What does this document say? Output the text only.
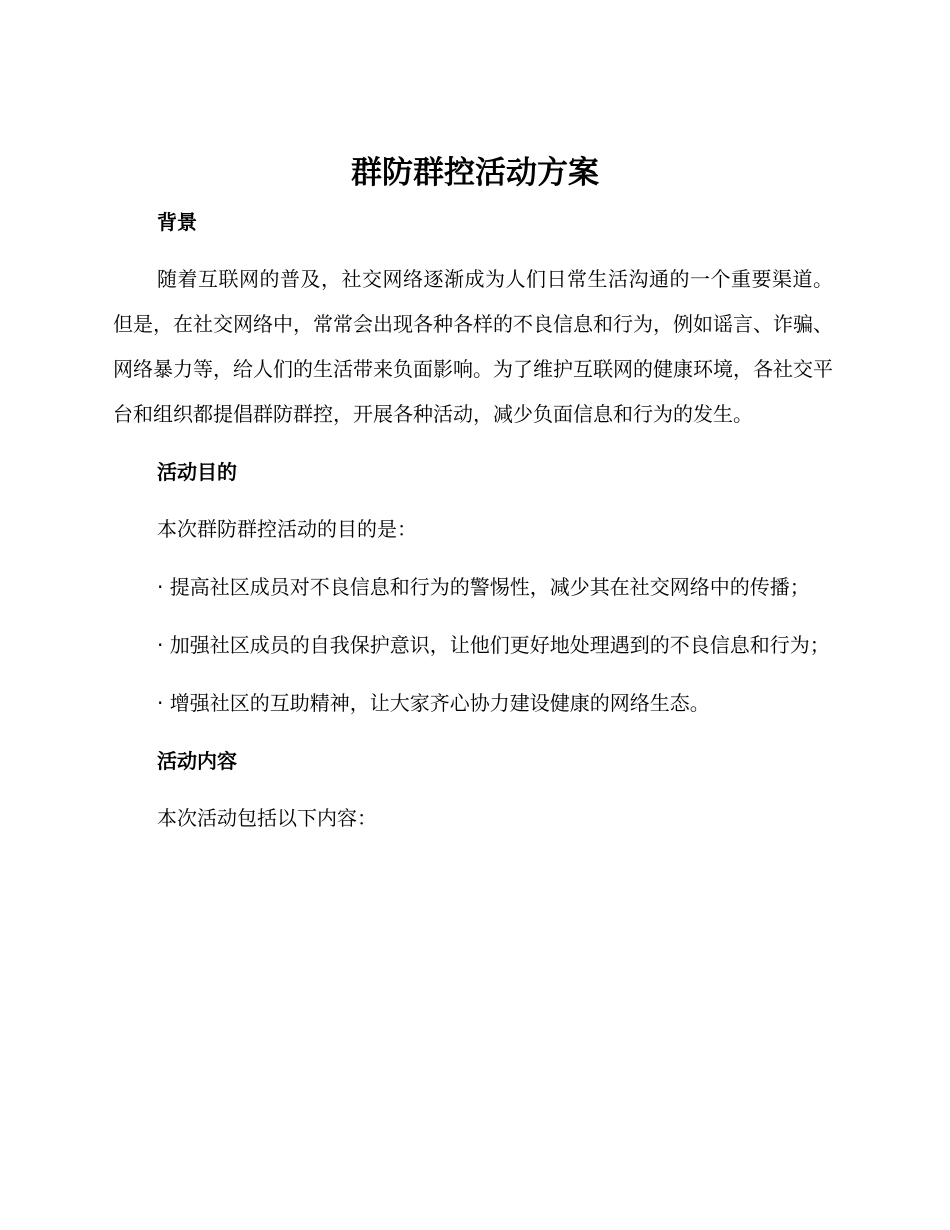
群防群控活动方案

背景

随着互联网的普及，社交网络逐渐成为人们日常生活沟通的一个重要渠道。但是，在社交网络中，常常会出现各种各样的不良信息和行为，例如谣言、诈骗、网络暴力等，给人们的生活带来负面影响。为了维护互联网的健康环境，各社交平台和组织都提倡群防群控，开展各种活动，减少负面信息和行为的发生。

活动目的

本次群防群控活动的目的是：

· 提高社区成员对不良信息和行为的警惕性，减少其在社交网络中的传播；

· 加强社区成员的自我保护意识，让他们更好地处理遇到的不良信息和行为；

· 增强社区的互助精神，让大家齐心协力建设健康的网络生态。

活动内容

本次活动包括以下内容：
